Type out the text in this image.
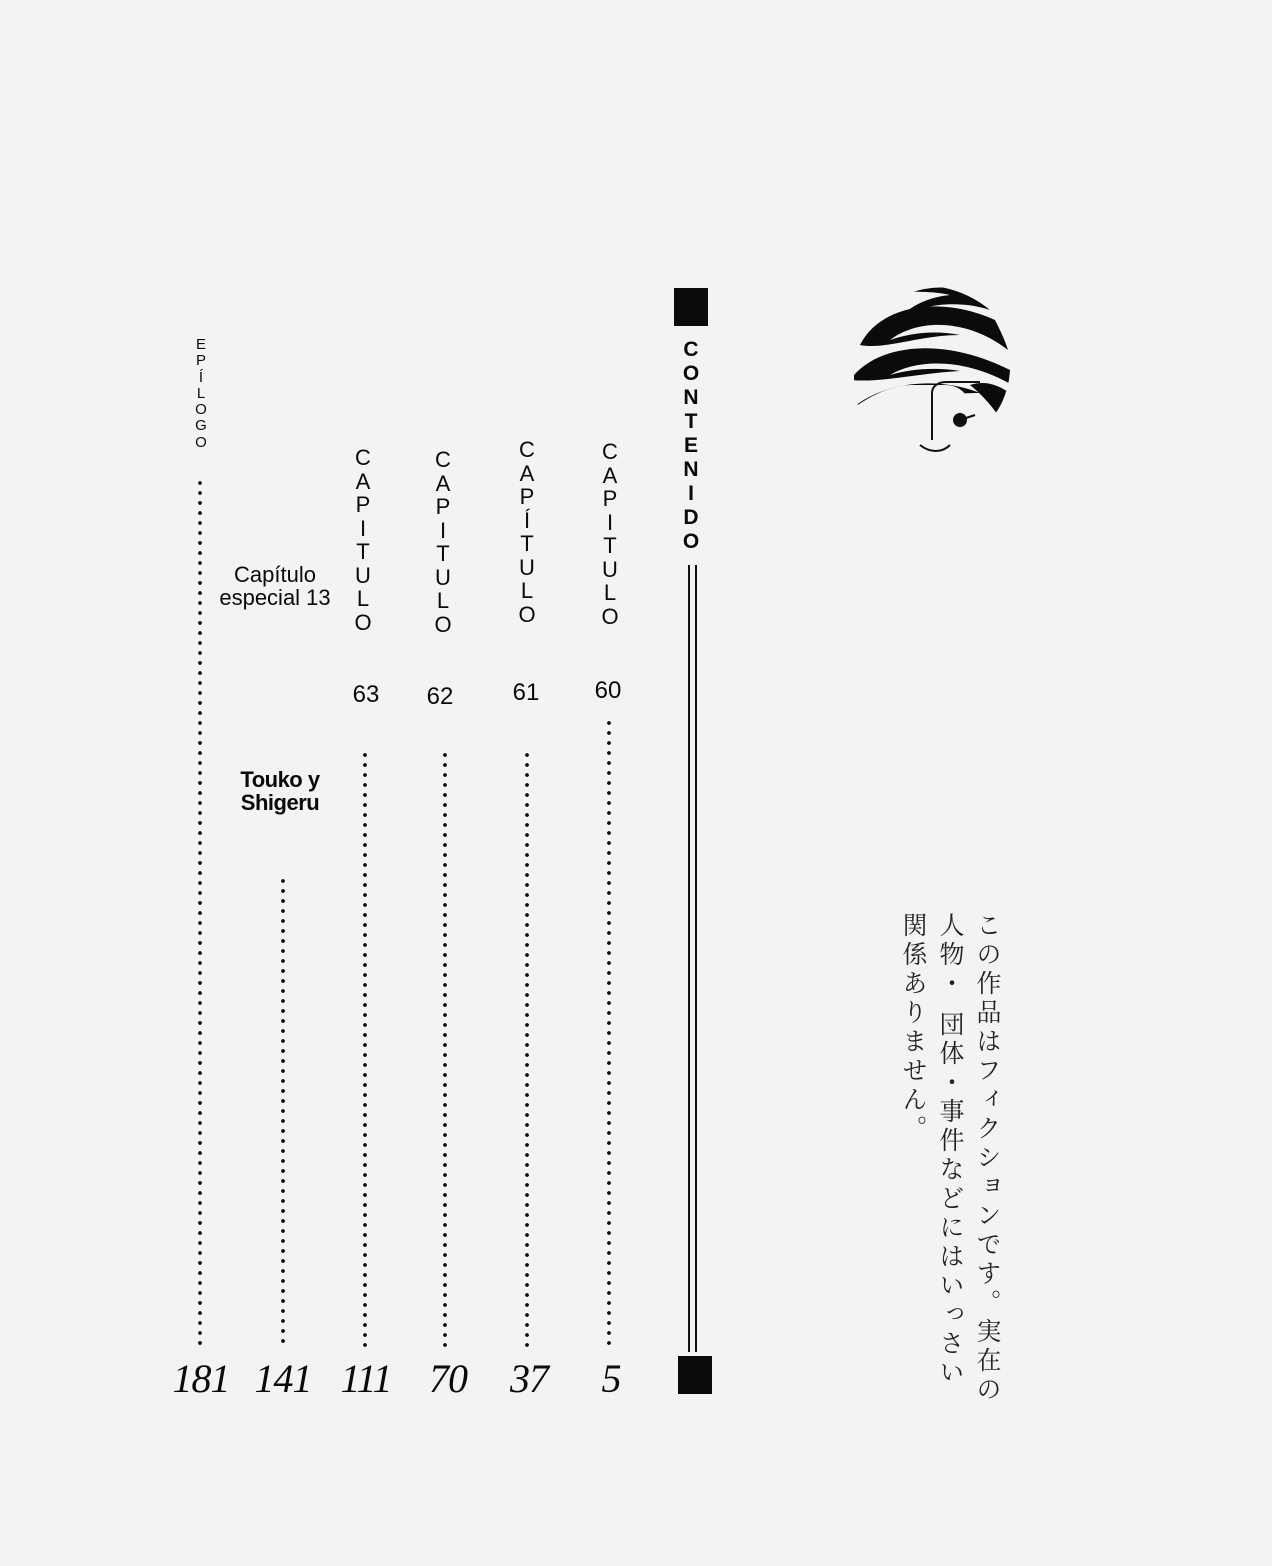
C
O
N
T
E
N
I
D
O
C
A
P
I
T
U
L
O
60
5
C
A
P
Í
T
U
L
O
61
37
C
A
P
I
T
U
L
O
62
70
C
A
P
I
T
U
L
O
63
111
Capítulo
especial 13
Touko y
Shigeru
141
E
P
Í
L
O
G
O
181	この作品はフィクションです。実在の人物・ 団体・事件などにはいっさい関係ありません。
